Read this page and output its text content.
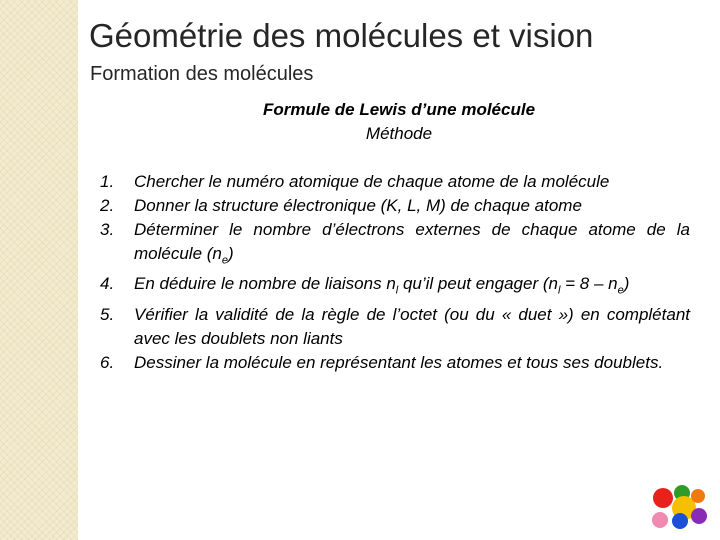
Géométrie des molécules et vision
Formation des molécules

Formule de Lewis d’une molécule

Méthode

1.	Chercher le numéro atomique de chaque atome de la molécule
2.	Donner la structure électronique (K, L, M) de chaque atome
3.	Déterminer le nombre d’électrons externes de chaque atome de la molécule $(n_e)$
4.	En déduire le nombre de liaisons $n_l$ qu’il peut engager $(n_l = 8 - n_e)$
5.	Vérifier la validité de la règle de l’octet (ou du « duet ») en complétant avec les doublets non liants
6.	Dessiner la molécule en représentant les atomes et tous ses doublets.
